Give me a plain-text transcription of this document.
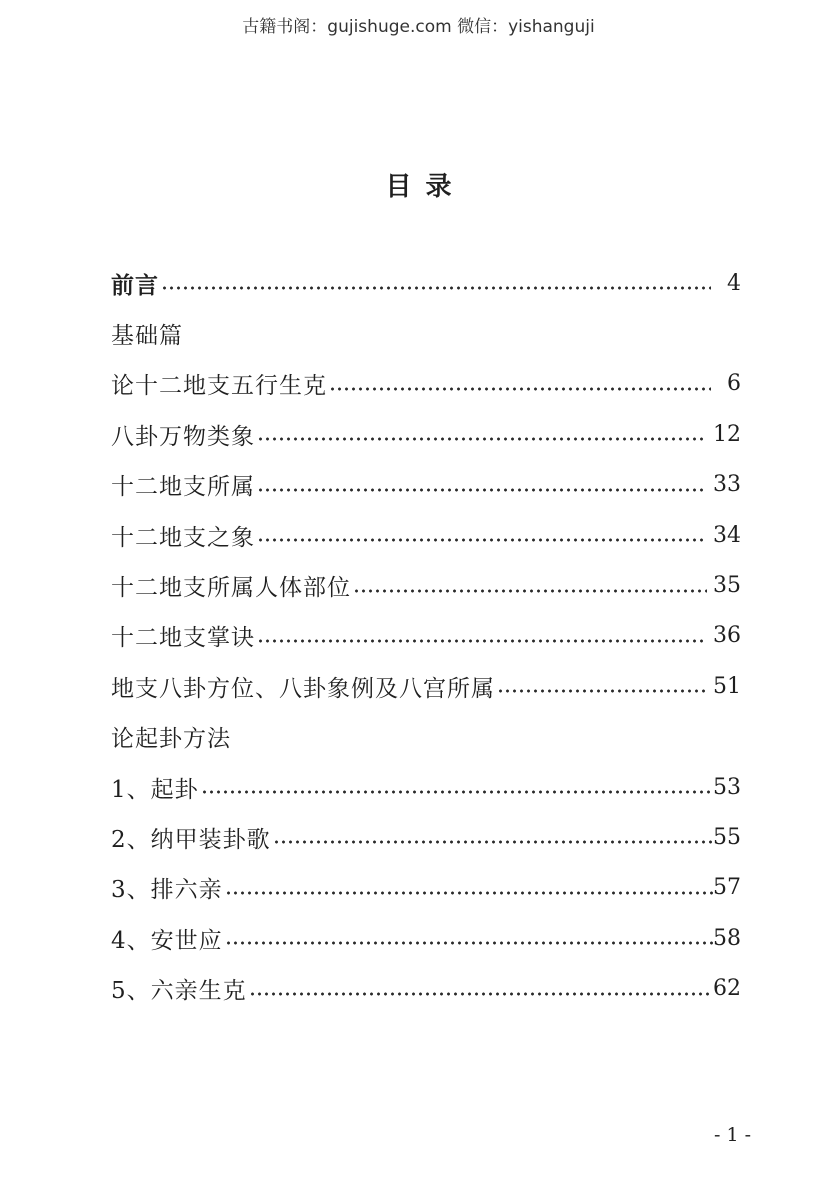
古籍书阁：gujishuge.com 微信：yishanguji
目录
前言	4
基础篇
论十二地支五行生克	6
八卦万物类象	12
十二地支所属	33
十二地支之象	34
十二地支所属人体部位	35
十二地支掌诀	36
地支八卦方位、八卦象例及八宫所属	51
论起卦方法
1、起卦	53
2、纳甲装卦歌	55
3、排六亲	57
4、安世应	58
5、六亲生克	62
- 1 -
